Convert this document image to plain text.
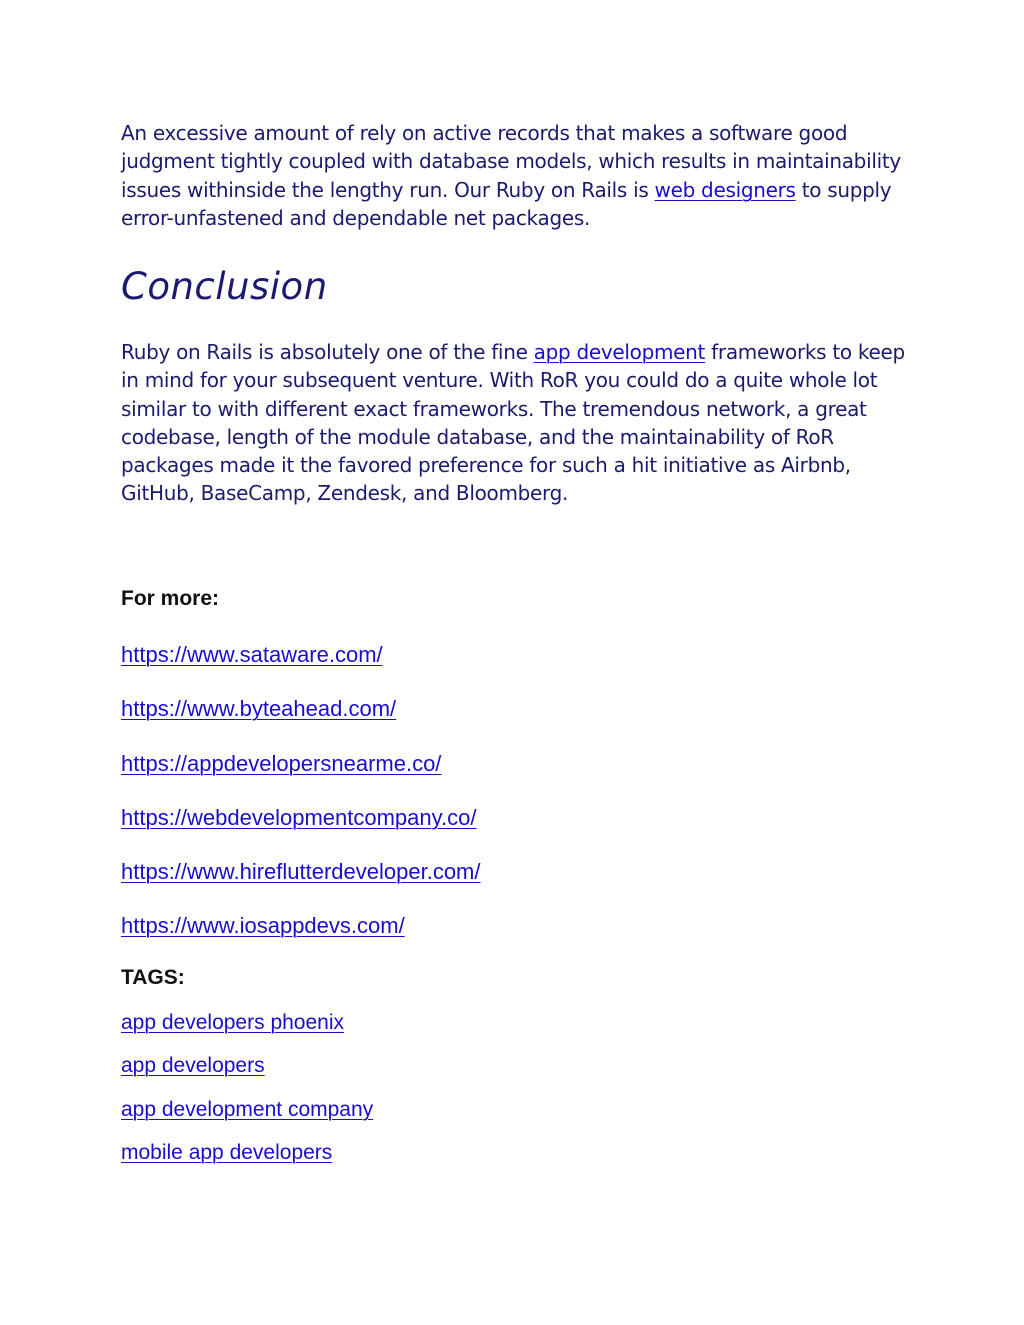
An excessive amount of rely on active records that makes a software good judgment tightly coupled with database models, which results in maintainability issues withinside the lengthy run. Our Ruby on Rails is web designers to supply error-unfastened and dependable net packages.

Conclusion

Ruby on Rails is absolutely one of the fine app development frameworks to keep in mind for your subsequent venture. With RoR you could do a quite whole lot similar to with different exact frameworks. The tremendous network, a great codebase, length of the module database, and the maintainability of RoR packages made it the favored preference for such a hit initiative as Airbnb, GitHub, BaseCamp, Zendesk, and Bloomberg.

For more:

https://www.sataware.com/
https://www.byteahead.com/
https://appdevelopersnearme.co/
https://webdevelopmentcompany.co/
https://www.hireflutterdeveloper.com/
https://www.iosappdevs.com/

TAGS:

app developers phoenix
app developers
app development company
mobile app developers
